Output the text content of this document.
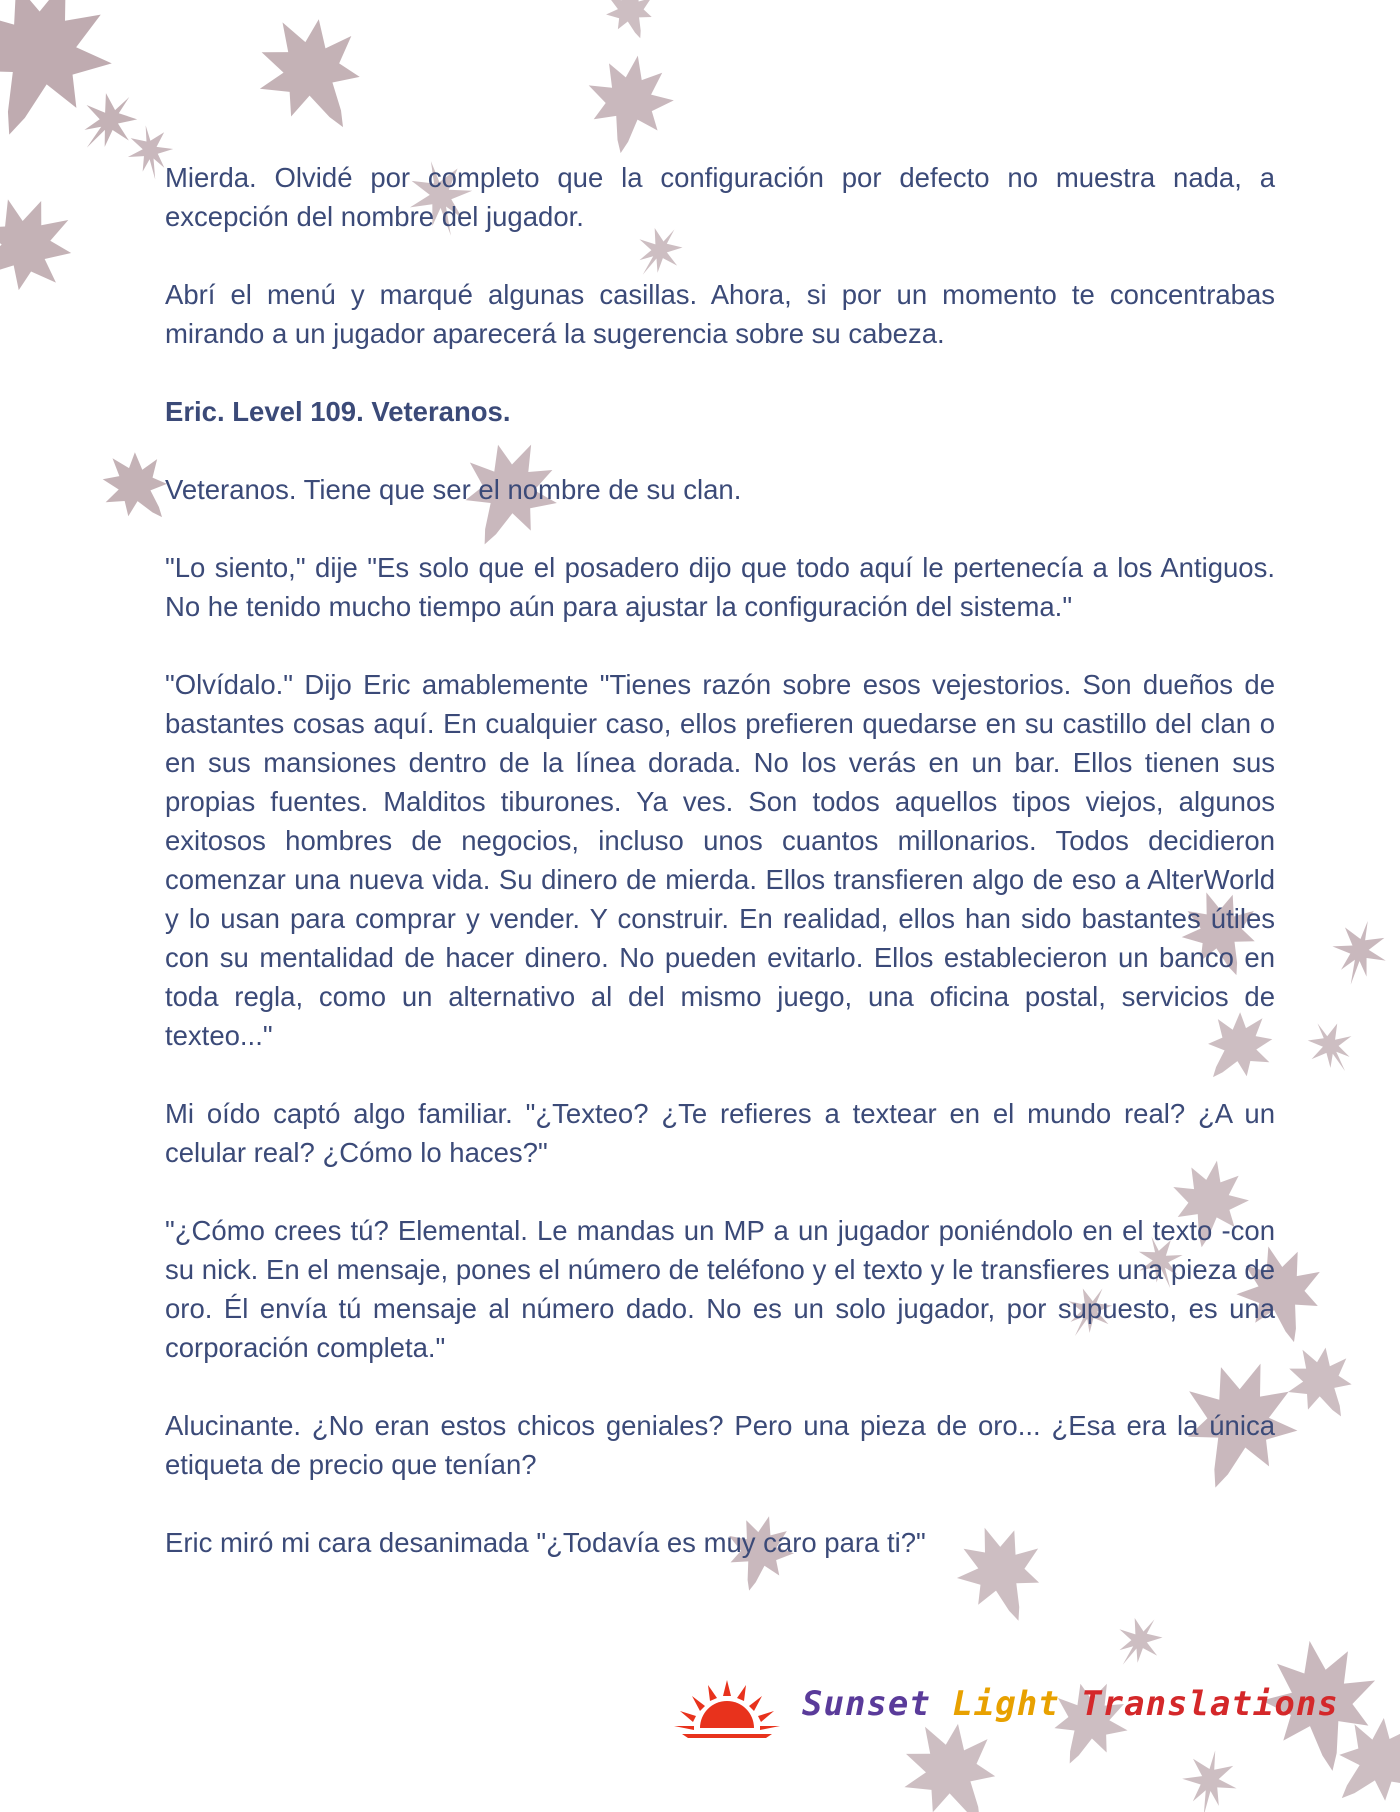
Mierda. Olvidé por completo que la configuración por defecto no muestra nada, a excepción del nombre del jugador.

Abrí el menú y marqué algunas casillas. Ahora, si por un momento te concentrabas mirando a un jugador aparecerá la sugerencia sobre su cabeza.

Eric. Level 109. Veteranos.

Veteranos. Tiene que ser el nombre de su clan.

"Lo siento," dije "Es solo que el posadero dijo que todo aquí le pertenecía a los Antiguos. No he tenido mucho tiempo aún para ajustar la configuración del sistema."

"Olvídalo." Dijo Eric amablemente "Tienes razón sobre esos vejestorios. Son dueños de bastantes cosas aquí. En cualquier caso, ellos prefieren quedarse en su castillo del clan o en sus mansiones dentro de la línea dorada. No los verás en un bar. Ellos tienen sus propias fuentes. Malditos tiburones. Ya ves. Son todos aquellos tipos viejos, algunos exitosos hombres de negocios, incluso unos cuantos millonarios. Todos decidieron comenzar una nueva vida. Su dinero de mierda. Ellos transfieren algo de eso a AlterWorld y lo usan para comprar y vender. Y construir. En realidad, ellos han sido bastantes útiles con su mentalidad de hacer dinero. No pueden evitarlo. Ellos establecieron un banco en toda regla, como un alternativo al del mismo juego, una oficina postal, servicios de texteo..."

Mi oído captó algo familiar. "¿Texteo? ¿Te refieres a textear en el mundo real? ¿A un celular real? ¿Cómo lo haces?"

"¿Cómo crees tú? Elemental. Le mandas un MP a un jugador poniéndolo en el texto -con su nick. En el mensaje, pones el número de teléfono y el texto y le transfieres una pieza de oro. Él envía tú mensaje al número dado. No es un solo jugador, por supuesto, es una corporación completa."

Alucinante. ¿No eran estos chicos geniales? Pero una pieza de oro... ¿Esa era la única etiqueta de precio que tenían?

Eric miró mi cara desanimada "¿Todavía es muy caro para ti?"

Sunset Light Translations
